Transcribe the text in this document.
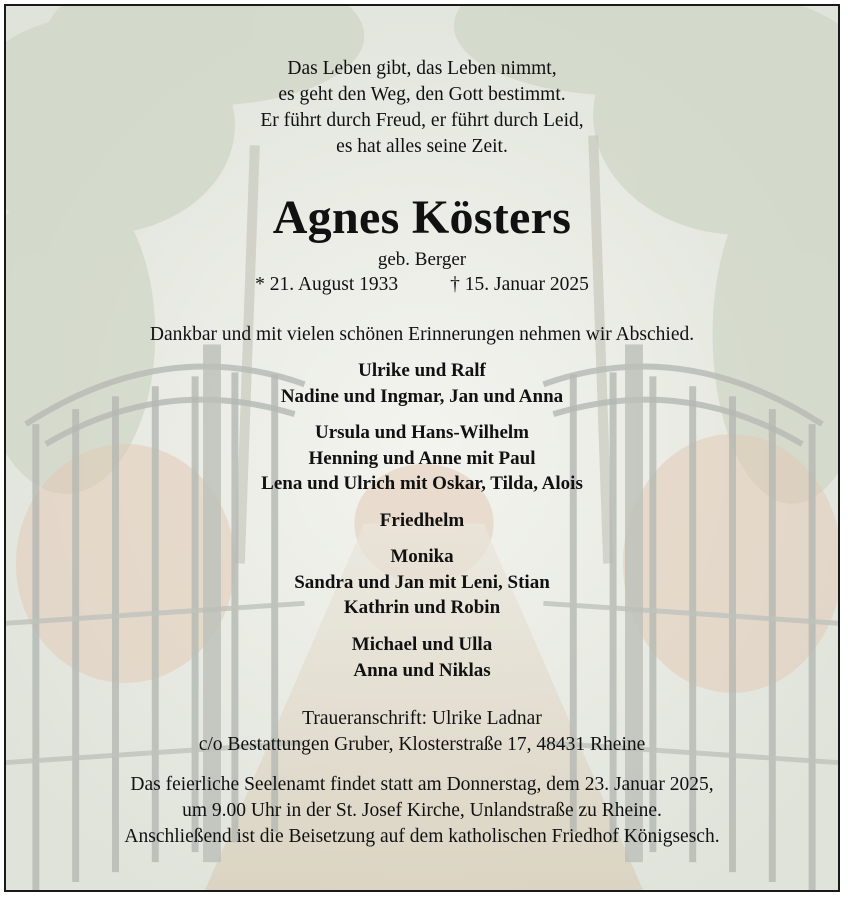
Das Leben gibt, das Leben nimmt,
es geht den Weg, den Gott bestimmt.
Er führt durch Freud, er führt durch Leid,
es hat alles seine Zeit.
Agnes Kösters
geb. Berger
* 21. August 1933	† 15. Januar 2025
Dankbar und mit vielen schönen Erinnerungen nehmen wir Abschied.
Ulrike und Ralf
Nadine und Ingmar, Jan und Anna
Ursula und Hans-Wilhelm
Henning und Anne mit Paul
Lena und Ulrich mit Oskar, Tilda, Alois
Friedhelm
Monika
Sandra und Jan mit Leni, Stian
Kathrin und Robin
Michael und Ulla
Anna und Niklas
Traueranschrift: Ulrike Ladnar
c/o Bestattungen Gruber, Klosterstraße 17, 48431 Rheine
Das feierliche Seelenamt findet statt am Donnerstag, dem 23. Januar 2025,
um 9.00 Uhr in der St. Josef Kirche, Unlandstraße zu Rheine.
Anschließend ist die Beisetzung auf dem katholischen Friedhof Königsesch.
